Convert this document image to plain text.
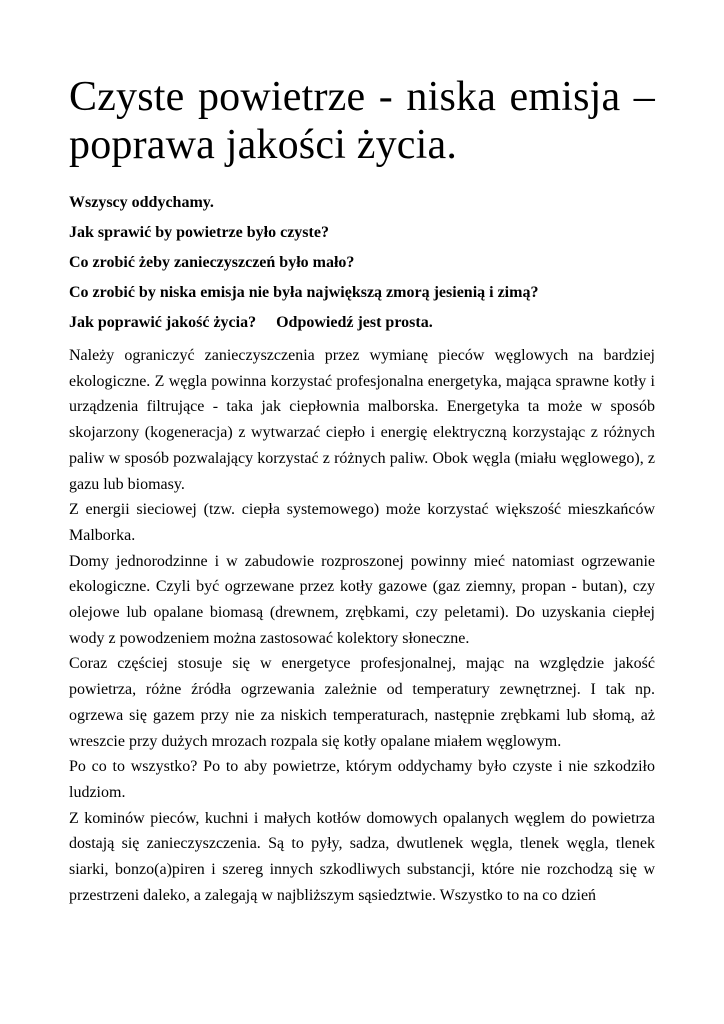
Czyste powietrze - niska emisja – poprawa jakości życia.

Wszyscy oddychamy.

Jak sprawić by powietrze było czyste?

Co zrobić żeby zanieczyszczeń było mało?

Co zrobić by niska emisja nie była największą zmorą jesienią i zimą?

Jak poprawić jakość życia?     Odpowiedź jest prosta.

Należy ograniczyć zanieczyszczenia przez wymianę pieców węglowych na bardziej ekologiczne. Z węgla powinna korzystać profesjonalna energetyka, mająca sprawne kotły i urządzenia filtrujące - taka jak ciepłownia malborska. Energetyka ta może w sposób skojarzony (kogeneracja) z wytwarzać ciepło i energię elektryczną korzystając z różnych paliw w sposób pozwalający korzystać z różnych paliw. Obok węgla (miału węglowego), z gazu lub biomasy.

Z energii sieciowej (tzw. ciepła systemowego) może korzystać większość mieszkańców Malborka.

Domy jednorodzinne i w zabudowie rozproszonej powinny mieć natomiast ogrzewanie ekologiczne. Czyli być ogrzewane przez kotły gazowe (gaz ziemny, propan - butan), czy olejowe lub opalane biomasą (drewnem, zrębkami, czy peletami). Do uzyskania ciepłej wody z powodzeniem można zastosować kolektory słoneczne.

Coraz częściej stosuje się w energetyce profesjonalnej, mając na względzie jakość powietrza, różne źródła ogrzewania zależnie od temperatury zewnętrznej. I tak np. ogrzewa się gazem przy nie za niskich temperaturach, następnie zrębkami lub słomą, aż wreszcie przy dużych mrozach rozpala się kotły opalane miałem węglowym.

Po co to wszystko? Po to aby powietrze, którym oddychamy było czyste i nie szkodziło ludziom.

Z kominów pieców, kuchni i małych kotłów domowych opalanych węglem do powietrza dostają się zanieczyszczenia. Są to pyły, sadza, dwutlenek węgla, tlenek węgla, tlenek siarki, bonzo(a)piren i szereg innych szkodliwych substancji, które nie rozchodzą się w przestrzeni daleko, a zalegają w najbliższym sąsiedztwie. Wszystko to na co dzień
